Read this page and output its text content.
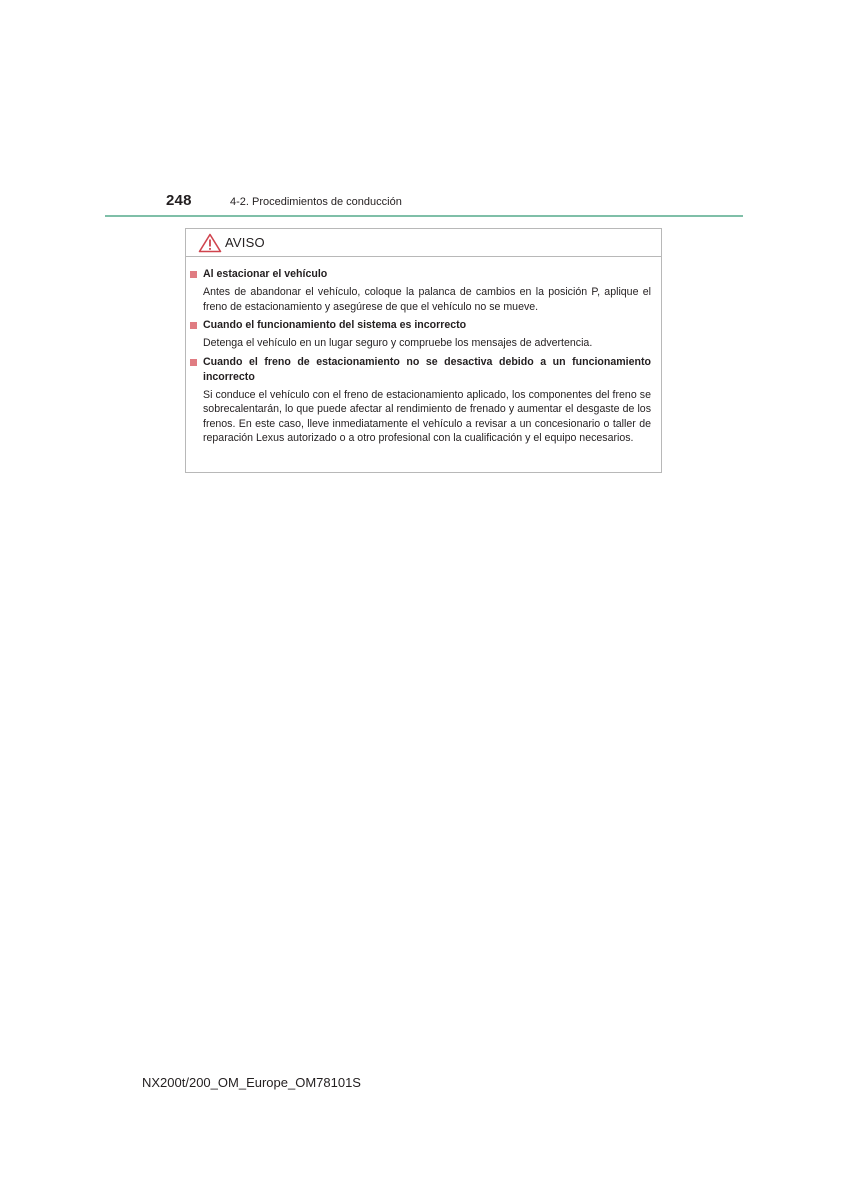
248	4-2. Procedimientos de conducción
AVISO
Al estacionar el vehículo
Antes de abandonar el vehículo, coloque la palanca de cambios en la posición P, aplique el freno de estacionamiento y asegúrese de que el vehículo no se mueve.
Cuando el funcionamiento del sistema es incorrecto
Detenga el vehículo en un lugar seguro y compruebe los mensajes de advertencia.
Cuando el freno de estacionamiento no se desactiva debido a un funcionamiento incorrecto
Si conduce el vehículo con el freno de estacionamiento aplicado, los componentes del freno se sobrecalentarán, lo que puede afectar al rendimiento de frenado y aumentar el desgaste de los frenos. En este caso, lleve inmediatamente el vehículo a revisar a un concesionario o taller de reparación Lexus autorizado o a otro profesional con la cualificación y el equipo necesarios.
NX200t/200_OM_Europe_OM78101S
